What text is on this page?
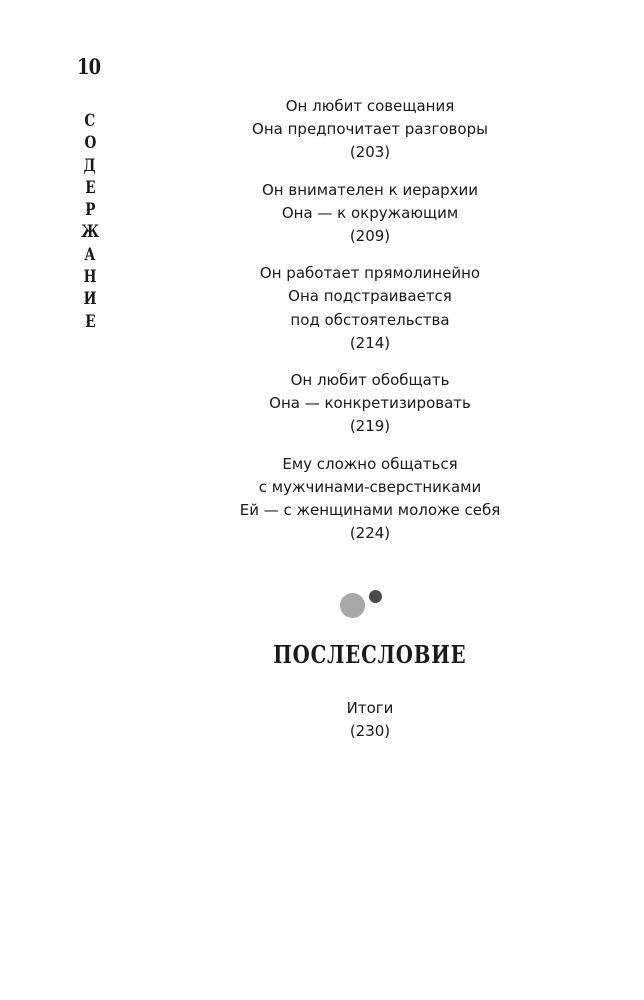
10
С
О
Д
Е
Р
Ж
А
Н
И
Е
Он любит совещания
Она предпочитает разговоры
(203)
Он внимателен к иерархии
Она — к окружающим
(209)
Он работает прямолинейно
Она подстраивается
под обстоятельства
(214)
Он любит обобщать
Она — конкретизировать
(219)
Ему сложно общаться
с мужчинами-сверстниками
Ей — с женщинами моложе себя
(224)
ПОСЛЕСЛОВИЕ
Итоги
(230)
